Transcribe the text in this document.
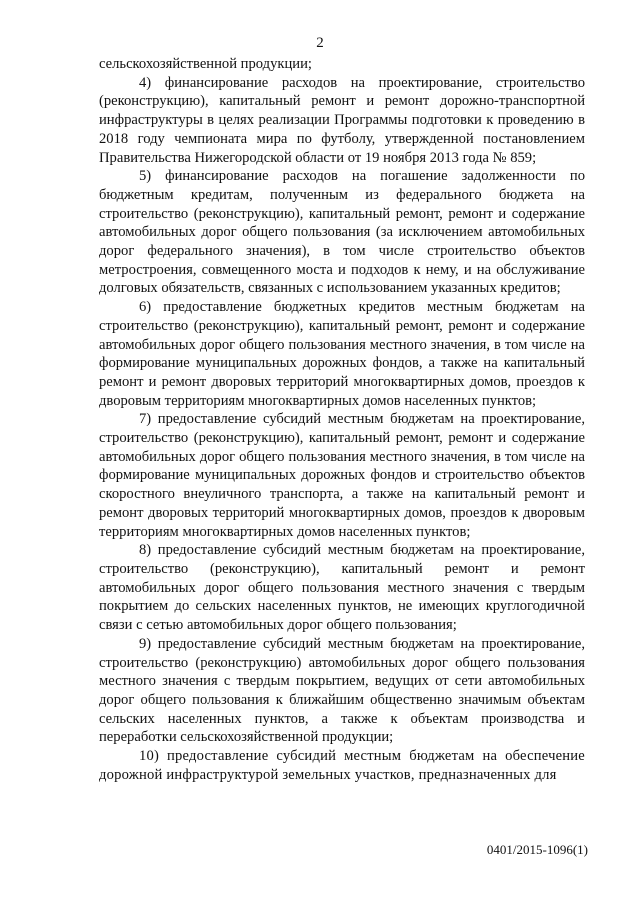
2

сельскохозяйственной продукции;

4) финансирование расходов на проектирование, строительство (реконструкцию), капитальный ремонт и ремонт дорожно-транспортной инфраструктуры в целях реализации Программы подготовки к проведению в 2018 году чемпионата мира по футболу, утвержденной постановлением Правительства Нижегородской области от 19 ноября 2013 года № 859;

5) финансирование расходов на погашение задолженности по бюджетным кредитам, полученным из федерального бюджета на строительство (реконструкцию), капитальный ремонт, ремонт и содержание автомобильных дорог общего пользования (за исключением автомобильных дорог федерального значения), в том числе строительство объектов метростроения, совмещенного моста и подходов к нему, и на обслуживание долговых обязательств, связанных с использованием указанных кредитов;

6) предоставление бюджетных кредитов местным бюджетам на строительство (реконструкцию), капитальный ремонт, ремонт и содержание автомобильных дорог общего пользования местного значения, в том числе на формирование муниципальных дорожных фондов, а также на капитальный ремонт и ремонт дворовых территорий многоквартирных домов, проездов к дворовым территориям многоквартирных домов населенных пунктов;

7) предоставление субсидий местным бюджетам на проектирование, строительство (реконструкцию), капитальный ремонт, ремонт и содержание автомобильных дорог общего пользования местного значения, в том числе на формирование муниципальных дорожных фондов и строительство объектов скоростного внеуличного транспорта, а также на капитальный ремонт и ремонт дворовых территорий многоквартирных домов, проездов к дворовым территориям многоквартирных домов населенных пунктов;

8) предоставление субсидий местным бюджетам на проектирование, строительство (реконструкцию), капитальный ремонт и ремонт автомобильных дорог общего пользования местного значения с твердым покрытием до сельских населенных пунктов, не имеющих круглогодичной связи с сетью автомобильных дорог общего пользования;

9) предоставление субсидий местным бюджетам на проектирование, строительство (реконструкцию) автомобильных дорог общего пользования местного значения с твердым покрытием, ведущих от сети автомобильных дорог общего пользования к ближайшим общественно значимым объектам сельских населенных пунктов, а также к объектам производства и переработки сельскохозяйственной продукции;

10) предоставление субсидий местным бюджетам на обеспечение дорожной инфраструктурой земельных участков, предназначенных для

0401/2015-1096(1)
